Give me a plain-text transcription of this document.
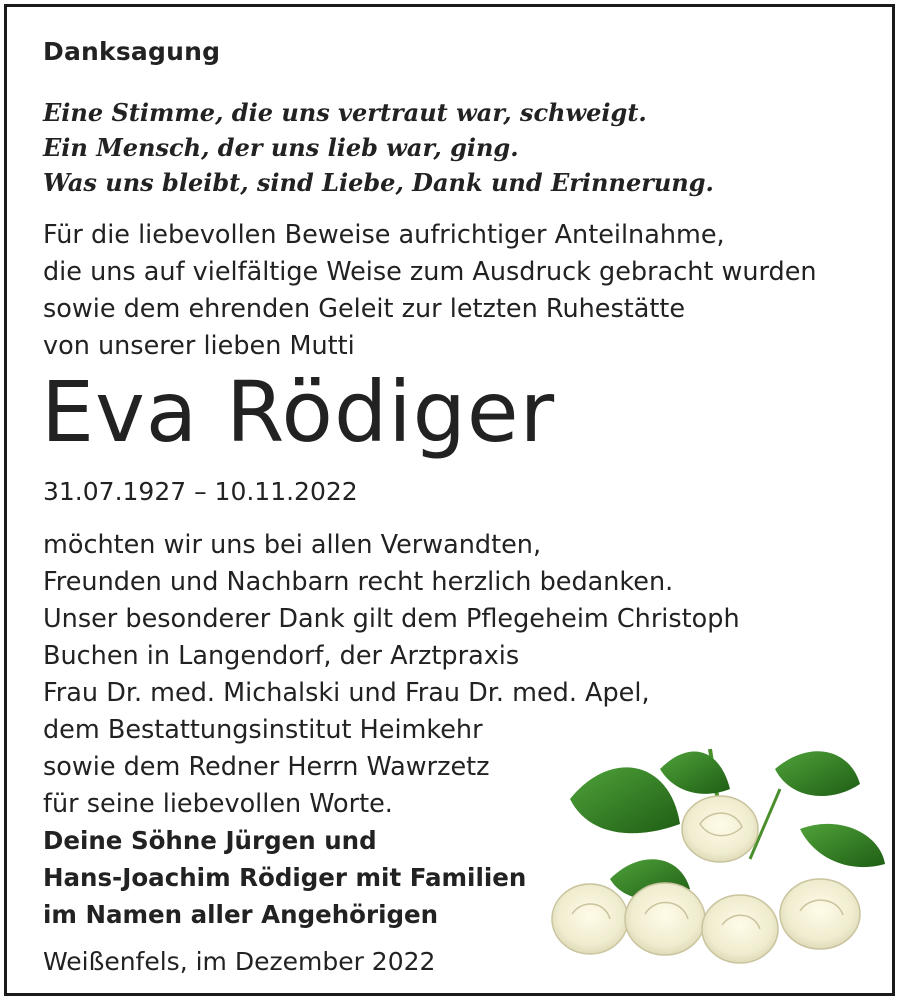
Danksagung
Eine Stimme, die uns vertraut war, schweigt.
Ein Mensch, der uns lieb war, ging.
Was uns bleibt, sind Liebe, Dank und Erinnerung.
Für die liebevollen Beweise aufrichtiger Anteilnahme,
die uns auf vielfältige Weise zum Ausdruck gebracht wurden
sowie dem ehrenden Geleit zur letzten Ruhestätte
von unserer lieben Mutti
Eva Rödiger
31.07.1927 – 10.11.2022
möchten wir uns bei allen Verwandten,
Freunden und Nachbarn recht herzlich bedanken.
Unser besonderer Dank gilt dem Pflegeheim Christoph
Buchen in Langendorf, der Arztpraxis
Frau Dr. med. Michalski und Frau Dr. med. Apel,
dem Bestattungsinstitut Heimkehr
sowie dem Redner Herrn Wawrzetz
für seine liebevollen Worte.
Deine Söhne Jürgen und
Hans-Joachim Rödiger mit Familien
im Namen aller Angehörigen
Weißenfels, im Dezember 2022
